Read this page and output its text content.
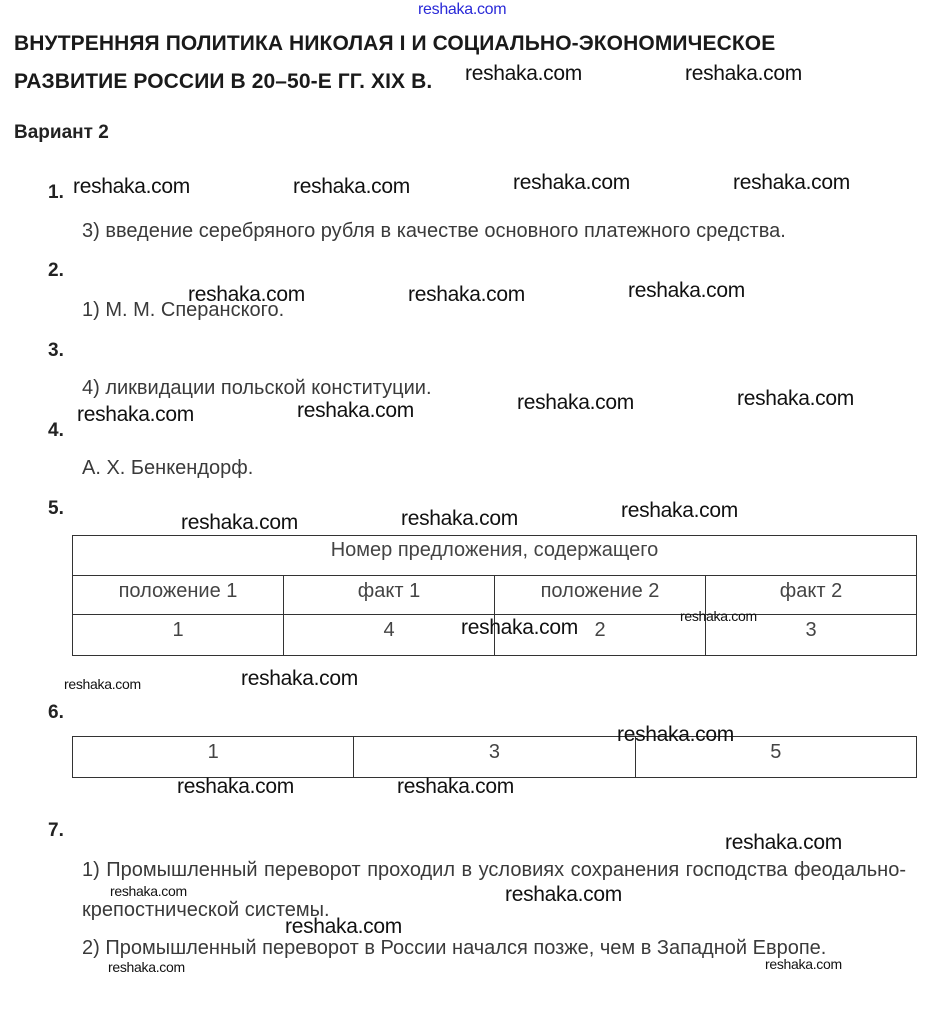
ВНУТРЕННЯЯ ПОЛИТИКА НИКОЛАЯ I И СОЦИАЛЬНО-ЭКОНОМИЧЕСКОЕ
РАЗВИТИЕ РОССИИ В 20–50-Е ГГ. XIX В.
Вариант 2
1.
3) введение серебряного рубля в качестве основного платежного средства.
2.
1) М. М. Сперанского.
3.
4) ликвидации польской конституции.
4.
А. Х. Бенкендорф.
5.
Номер предложения, содержащего			
положение 1	факт 1	положение 2	факт 2
1	4	2	3
6.
1	3	5
7.
1) Промышленный переворот проходил в условиях сохранения господства феодально-крепостнической системы.
2) Промышленный переворот в России начался позже, чем в Западной Европе.
reshaka.com
reshaka.com	reshaka.com
reshaka.com	reshaka.com	reshaka.com	reshaka.com
reshaka.com	reshaka.com	reshaka.com
reshaka.com	reshaka.com	reshaka.com	reshaka.com
reshaka.com	reshaka.com	reshaka.com
reshaka.com	reshaka.com
reshaka.com	reshaka.com
reshaka.com
reshaka.com	reshaka.com
reshaka.com
reshaka.com	reshaka.com
reshaka.com
reshaka.com	reshaka.com
